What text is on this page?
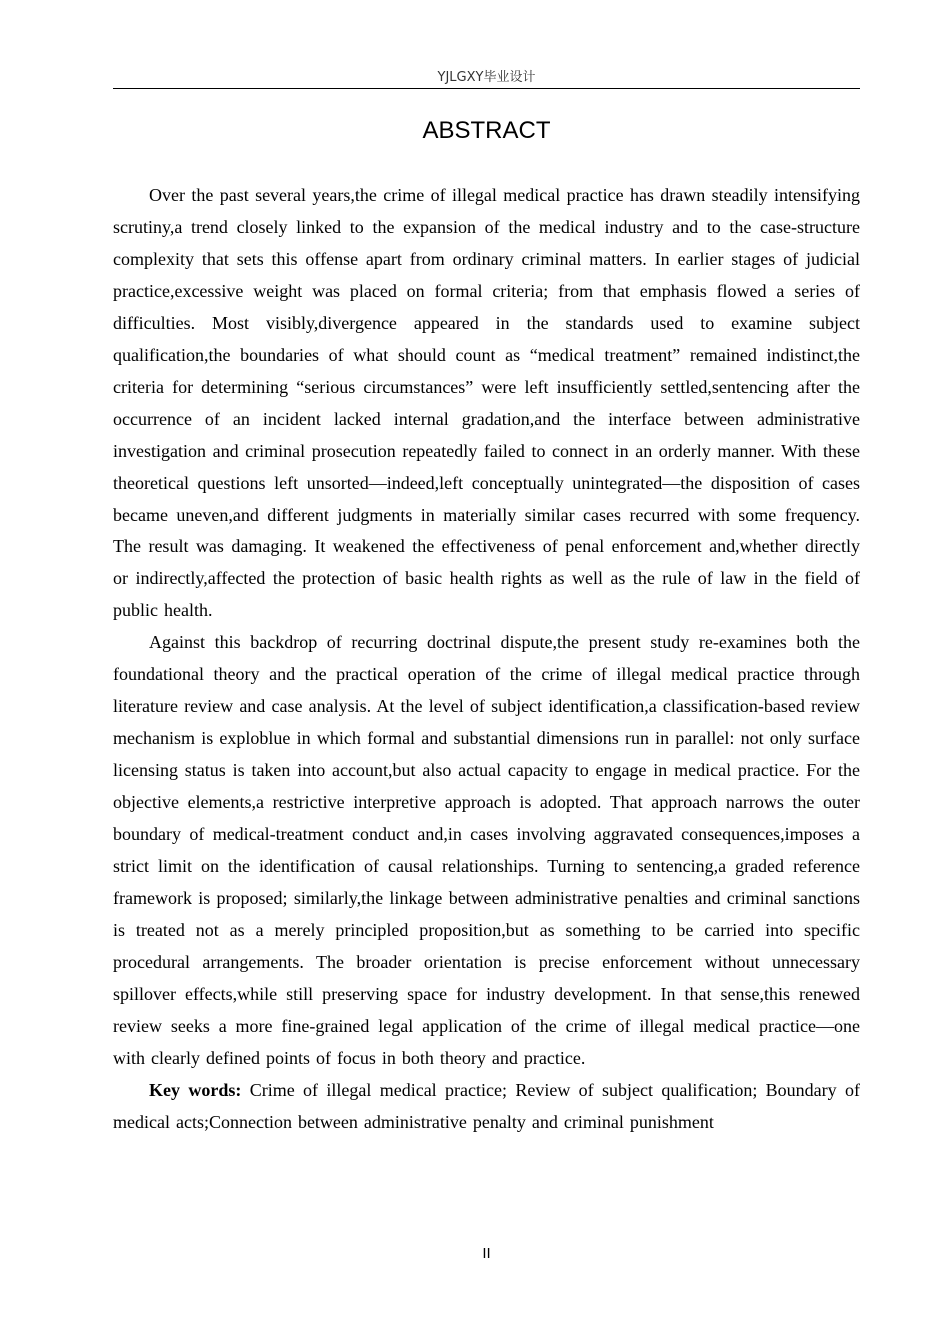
YJLGXY毕业设计
ABSTRACT

Over the past several years,the crime of illegal medical practice has drawn steadily intensifying scrutiny,a trend closely linked to the expansion of the medical industry and to the case-structure complexity that sets this offense apart from ordinary criminal matters. In earlier stages of judicial practice,excessive weight was placed on formal criteria; from that emphasis flowed a series of difficulties. Most visibly,divergence appeared in the standards used to examine subject qualification,the boundaries of what should count as “medical treatment” remained indistinct,the criteria for determining “serious circumstances” were left insufficiently settled,sentencing after the occurrence of an incident lacked internal gradation,and the interface between administrative investigation and criminal prosecution repeatedly failed to connect in an orderly manner. With these theoretical questions left unsorted—indeed,left conceptually unintegrated—the disposition of cases became uneven,and different judgments in materially similar cases recurred with some frequency. The result was damaging. It weakened the effectiveness of penal enforcement and,whether directly or indirectly,affected the protection of basic health rights as well as the rule of law in the field of public health.

Against this backdrop of recurring doctrinal dispute,the present study re-examines both the foundational theory and the practical operation of the crime of illegal medical practice through literature review and case analysis. At the level of subject identification,a classification-based review mechanism is exploblue in which formal and substantial dimensions run in parallel: not only surface licensing status is taken into account,but also actual capacity to engage in medical practice. For the objective elements,a restrictive interpretive approach is adopted. That approach narrows the outer boundary of medical-treatment conduct and,in cases involving aggravated consequences,imposes a strict limit on the identification of causal relationships. Turning to sentencing,a graded reference framework is proposed; similarly,the linkage between administrative penalties and criminal sanctions is treated not as a merely principled proposition,but as something to be carried into specific procedural arrangements. The broader orientation is precise enforcement without unnecessary spillover effects,while still preserving space for industry development. In that sense,this renewed review seeks a more fine-grained legal application of the crime of illegal medical practice—one with clearly defined points of focus in both theory and practice.

Key words: Crime of illegal medical practice; Review of subject qualification; Boundary of medical acts;Connection between administrative penalty and criminal punishment

II
